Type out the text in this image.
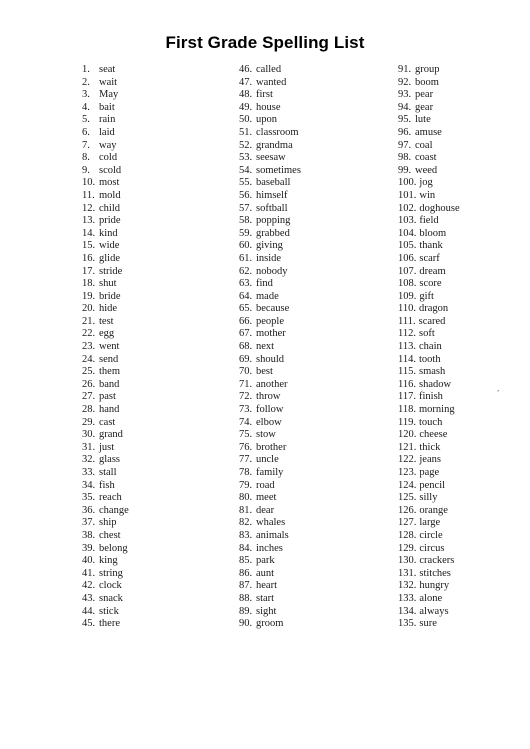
First Grade Spelling List
1. seat
2. wait
3. May
4. bait
5. rain
6. laid
7. way
8. cold
9. scold
10. most
11. mold
12. child
13. pride
14. kind
15. wide
16. glide
17. stride
18. shut
19. bride
20. hide
21. test
22. egg
23. went
24. send
25. them
26. band
27. past
28. hand
29. cast
30. grand
31. just
32. glass
33. stall
34. fish
35. reach
36. change
37. ship
38. chest
39. belong
40. king
41. string
42. clock
43. snack
44. stick
45. there
46. called
47. wanted
48. first
49. house
50. upon
51. classroom
52. grandma
53. seesaw
54. sometimes
55. baseball
56. himself
57. softball
58. popping
59. grabbed
60. giving
61. inside
62. nobody
63. find
64. made
65. because
66. people
67. mother
68. next
69. should
70. best
71. another
72. throw
73. follow
74. elbow
75. stow
76. brother
77. uncle
78. family
79. road
80. meet
81. dear
82. whales
83. animals
84. inches
85. park
86. aunt
87. heart
88. start
89. sight
90. groom
91. group
92. boom
93. pear
94. gear
95. lute
96. amuse
97. coal
98. coast
99. weed
100. jog
101. win
102. doghouse
103. field
104. bloom
105. thank
106. scarf
107. dream
108. score
109. gift
110. dragon
111. scared
112. soft
113. chain
114. tooth
115. smash
116. shadow
117. finish
118. morning
119. touch
120. cheese
121. thick
122. jeans
123. page
124. pencil
125. silly
126. orange
127. large
128. circle
129. circus
130. crackers
131. stitches
132. hungry
133. alone
134. always
135. sure
’
